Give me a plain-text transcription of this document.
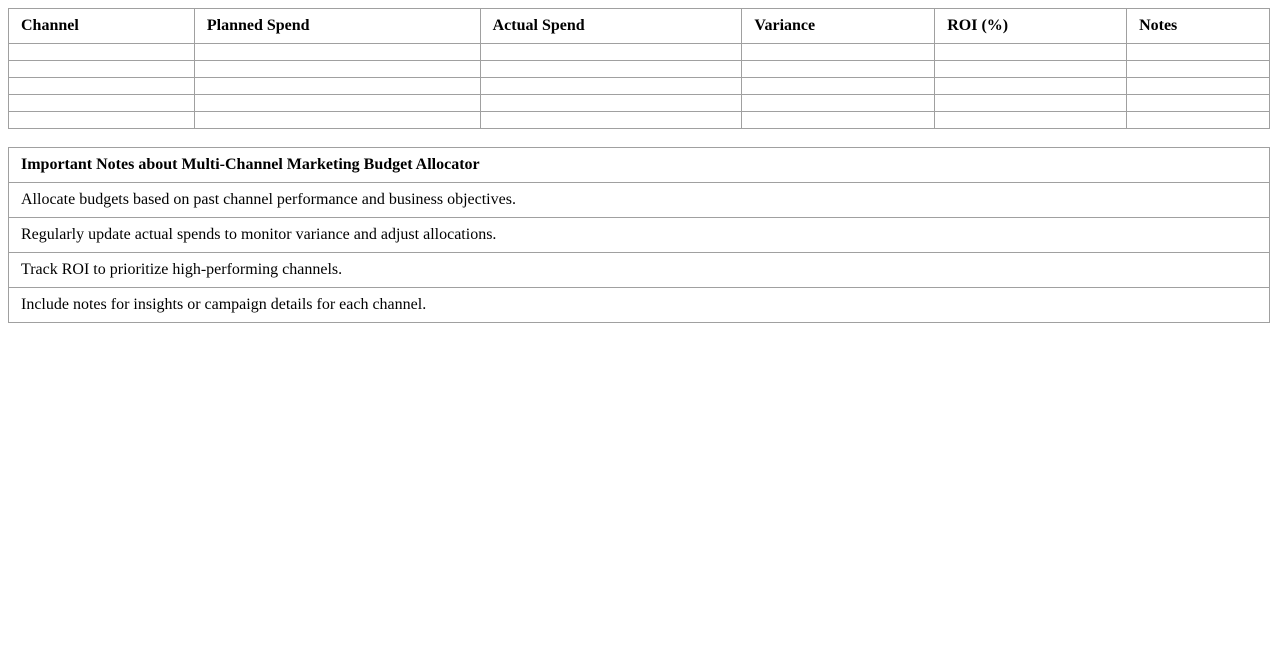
Channel	Planned Spend	Actual Spend	Variance	ROI (%)	Notes

Important Notes about Multi-Channel Marketing Budget Allocator
Allocate budgets based on past channel performance and business objectives.
Regularly update actual spends to monitor variance and adjust allocations.
Track ROI to prioritize high-performing channels.
Include notes for insights or campaign details for each channel.
